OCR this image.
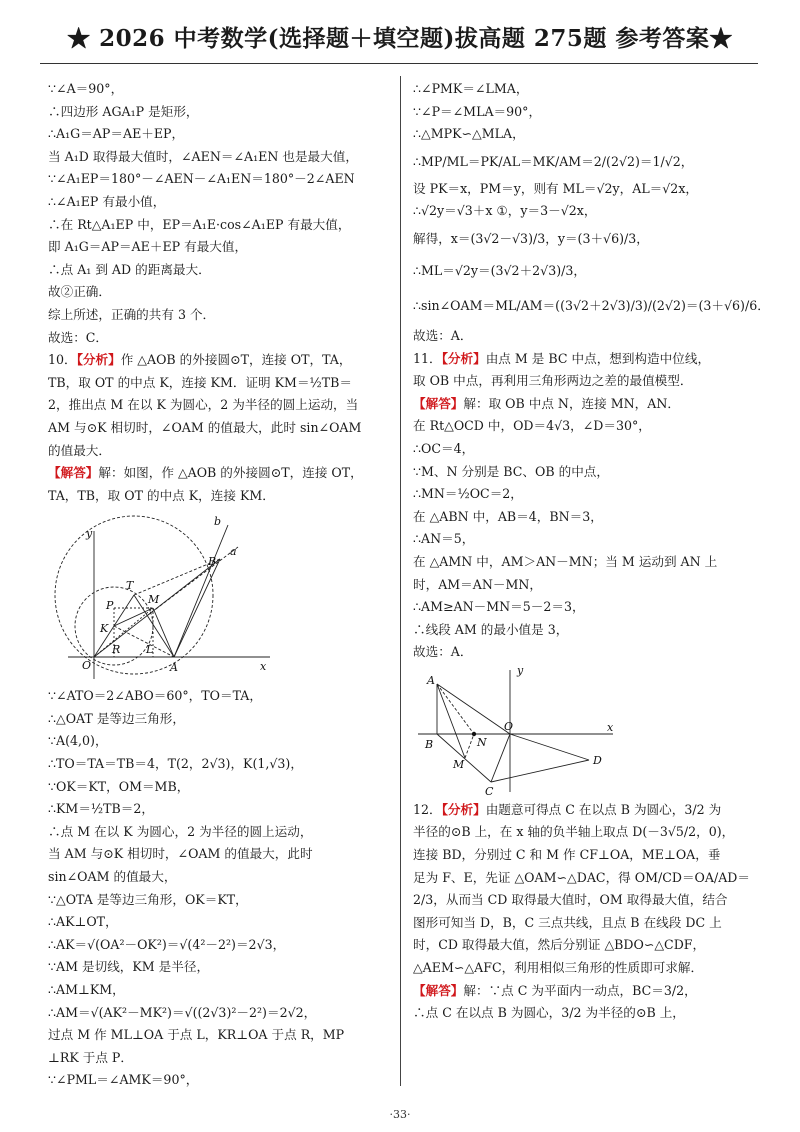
★ 2026 中考数学(选择题＋填空题)拔高题 275题 参考答案★
∵∠A＝90°，
∴四边形 AGA₁P 是矩形，
∴A₁G＝AP＝AE＋EP，
当 A₁D 取得最大值时，∠AEN＝∠A₁EN 也是最大值，
∵∠A₁EP＝180°－∠AEN－∠A₁EN＝180°－2∠AEN
∴∠A₁EP 有最小值，
∴在 Rt△A₁EP 中，EP＝A₁E·cos∠A₁EP 有最大值，
即 A₁G＝AP＝AE＋EP 有最大值，
∴点 A₁ 到 AD 的距离最大．
故②正确．
综上所述，正确的共有 3 个．
故选：C．
10．【分析】作 △AOB 的外接圆⊙T，连接 OT，TA，
TB，取 OT 的中点 K，连接 KM．证明 KM＝½TB＝
2，推出点 M 在以 K 为圆心，2 为半径的圆上运动，当
AM 与⊙K 相切时，∠OAM 的值最大，此时 sin∠OAM
的值最大．
【解答】解：如图，作 △AOB 的外接圆⊙T，连接 OT，
TA，TB，取 OT 的中点 K，连接 KM．
y
x
O	A
B
T
M
P
K
R L
a
b
∵∠ATO＝2∠ABO＝60°，TO＝TA，
∴△OAT 是等边三角形，
∵A(4,0)，
∴TO＝TA＝TB＝4，T(2，2√3)，K(1,√3)，
∵OK＝KT，OM＝MB，
∴KM＝½TB＝2，
∴点 M 在以 K 为圆心，2 为半径的圆上运动，
当 AM 与⊙K 相切时，∠OAM 的值最大，此时
sin∠OAM 的值最大，
∵△OTA 是等边三角形，OK＝KT，
∴AK⊥OT，
∴AK＝√(OA²－OK²)＝√(4²－2²)＝2√3，
∵AM 是切线，KM 是半径，
∴AM⊥KM，
∴AM＝√(AK²－MK²)＝√((2√3)²－2²)＝2√2，
过点 M 作 ML⊥OA 于点 L，KR⊥OA 于点 R，MP
⊥RK 于点 P．
∵∠PML＝∠AMK＝90°，
∴∠PMK＝∠LMA，
∵∠P＝∠MLA＝90°，
∴△MPK∽△MLA，
∴MP/ML＝PK/AL＝MK/AM＝2/(2√2)＝1/√2，
设 PK＝x，PM＝y，则有 ML＝√2y，AL＝√2x，
∴√2y＝√3＋x ①，y＝3－√2x，
解得，x＝(3√2－√3)/3，y＝(3＋√6)/3，
∴ML＝√2y＝(3√2＋2√3)/3，
∴sin∠OAM＝ML/AM＝((3√2＋2√3)/3)/(2√2)＝(3＋√6)/6．
故选：A．
11．【分析】由点 M 是 BC 中点，想到构造中位线，
取 OB 中点，再利用三角形两边之差的最值模型．
【解答】解：取 OB 中点 N，连接 MN，AN．
在 Rt△OCD 中，OD＝4√3，∠D＝30°，
∴OC＝4，
∵M、N 分别是 BC、OB 的中点，
∴MN＝½OC＝2，
在 △ABN 中，AB＝4，BN＝3，
∴AN＝5，
在 △AMN 中，AM＞AN－MN；当 M 运动到 AN 上
时，AM＝AN－MN，
∴AM≥AN－MN＝5－2＝3，
∴线段 AM 的最小值是 3，
故选：A．
y
x
A
B
O
N
M
C
D
12．【分析】由题意可得点 C 在以点 B 为圆心，3/2 为
半径的⊙B 上，在 x 轴的负半轴上取点 D(－3√5/2，0)，
连接 BD，分别过 C 和 M 作 CF⊥OA，ME⊥OA，垂
足为 F、E，先证 △OAM∽△DAC，得 OM/CD＝OA/AD＝
2/3，从而当 CD 取得最大值时，OM 取得最大值，结合
图形可知当 D，B，C 三点共线，且点 B 在线段 DC 上
时，CD 取得最大值，然后分别证 △BDO∽△CDF，
△AEM∽△AFC，利用相似三角形的性质即可求解．
【解答】解：∵点 C 为平面内一动点，BC＝3/2，
∴点 C 在以点 B 为圆心，3/2 为半径的⊙B 上，
·33·
